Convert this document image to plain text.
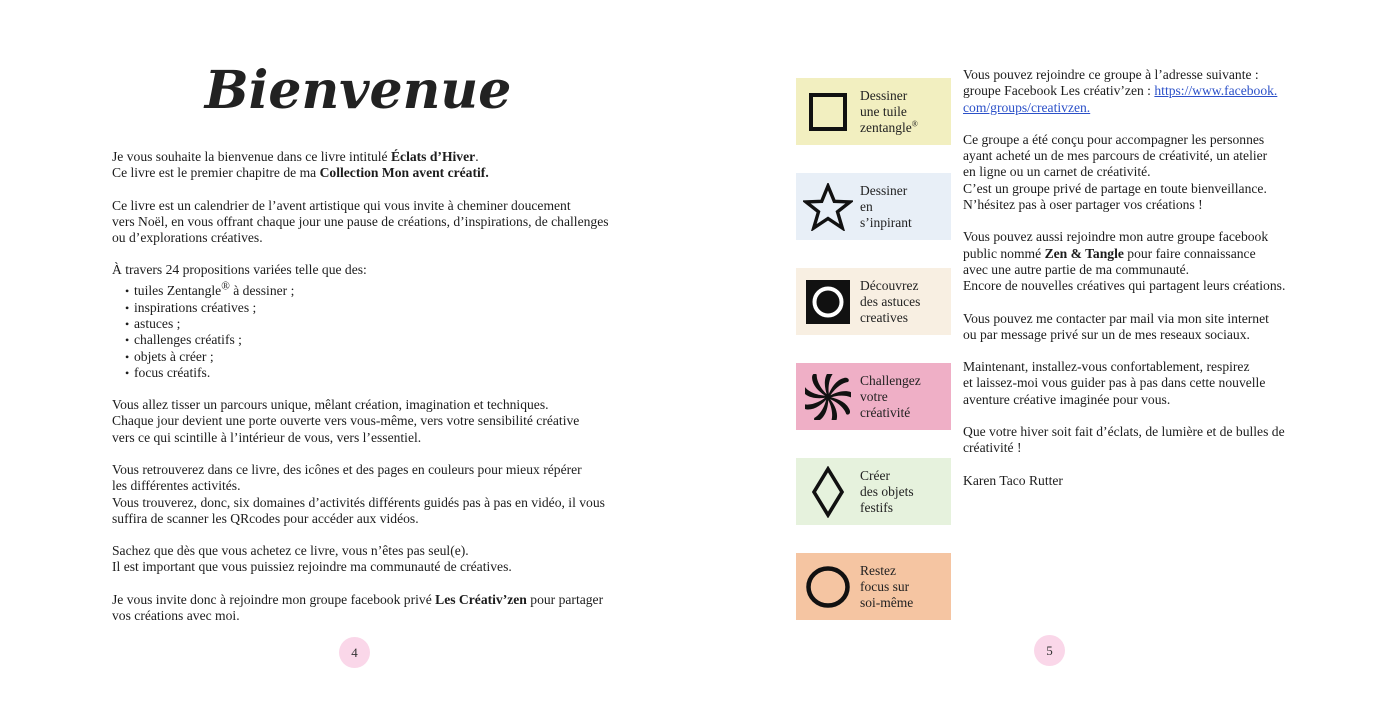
Bienvenue
Je vous souhaite la bienvenue dans ce livre intitulé Éclats d’Hiver.
Ce livre est le premier chapitre de ma Collection Mon avent créatif.
Ce livre est un calendrier de l’avent artistique qui vous invite à cheminer doucement
vers Noël, en vous offrant chaque jour une pause de créations, d’inspirations, de challenges
ou d’explorations créatives.
À travers 24 propositions variées telle que des:
• tuiles Zentangle® à dessiner ;
• inspirations créatives ;
• astuces ;
• challenges créatifs ;
• objets à créer ;
• focus créatifs.
Vous allez tisser un parcours unique, mêlant création, imagination et techniques.
Chaque jour devient une porte ouverte vers vous-même, vers votre sensibilité créative
vers ce qui scintille à l’intérieur de vous, vers l’essentiel.
Vous retrouverez dans ce livre, des icônes et des pages en couleurs pour mieux répérer
les différentes activités.
Vous trouverez, donc, six domaines d’activités différents guidés pas à pas en vidéo, il vous
suffira de scanner les QRcodes pour accéder aux vidéos.
Sachez que dès que vous achetez ce livre, vous n’êtes pas seul(e).
Il est important que vous puissiez rejoindre ma communauté de créatives.
Je vous invite donc à rejoindre mon groupe facebook privé Les Créativ’zen pour partager
vos créations avec moi.
4
Dessiner
une tuile
zentangle®
Dessiner
en
s’inpirant
Découvrez
des astuces
creatives
Challengez
votre
créativité
Créer
des objets
festifs
Restez
focus sur
soi-même
Vous pouvez rejoindre ce groupe à l’adresse suivante :
groupe Facebook Les créativ’zen : https://www.facebook.
com/groups/creativzen.
Ce groupe a été conçu pour accompagner les personnes
ayant acheté un de mes parcours de créativité, un atelier
en ligne ou un carnet de créativité.
C’est un groupe privé de partage en toute bienveillance.
N’hésitez pas à oser partager vos créations !
Vous pouvez aussi rejoindre mon autre groupe facebook
public nommé Zen & Tangle pour faire connaissance
avec une autre partie de ma communauté.
Encore de nouvelles créatives qui partagent leurs créations.
Vous pouvez me contacter par mail via mon site internet
ou par message privé sur un de mes reseaux sociaux.
Maintenant, installez-vous confortablement, respirez
et laissez-moi vous guider pas à pas dans cette nouvelle
aventure créative imaginée pour vous.
Que votre hiver soit fait d’éclats, de lumière et de bulles de
créativité !
Karen Taco Rutter
5
